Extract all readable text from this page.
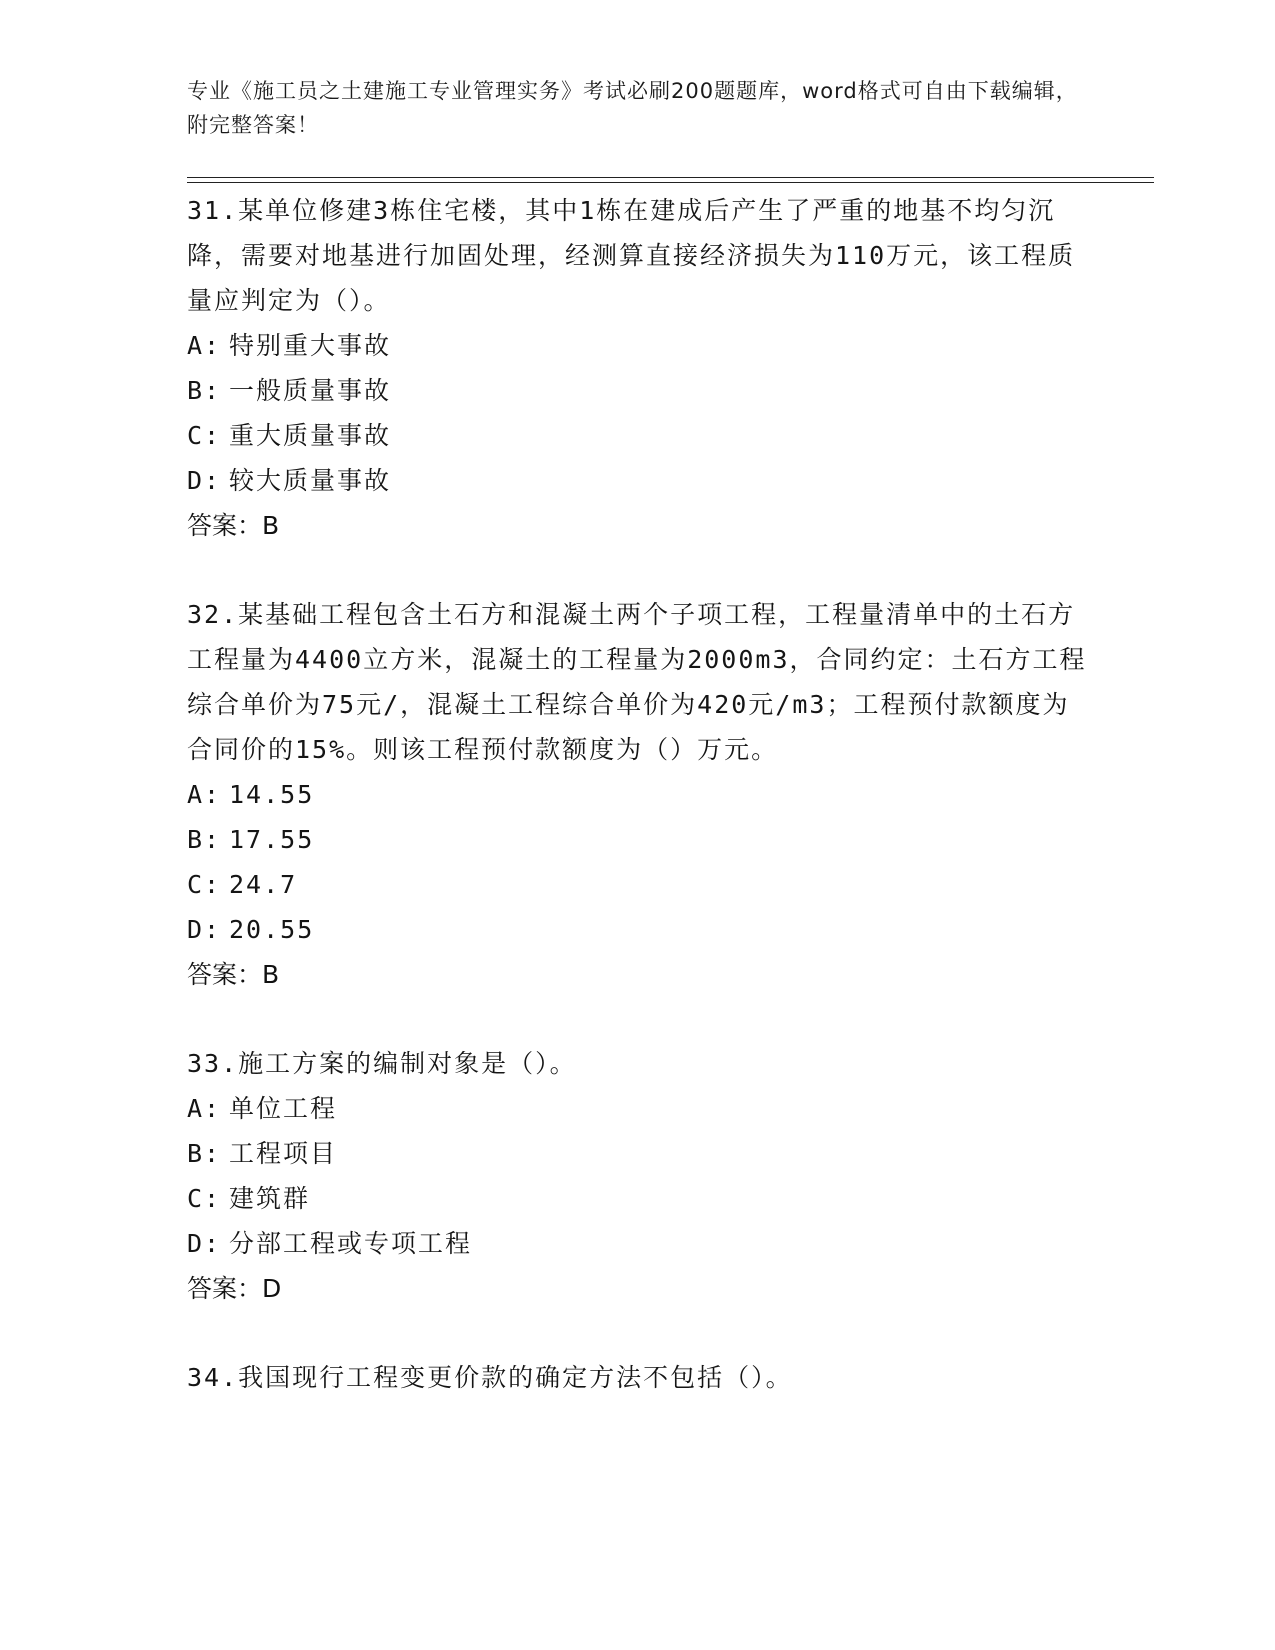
专业《施工员之土建施工专业管理实务》考试必刷200题题库，word格式可自由下载编辑，附完整答案！
31.某单位修建3栋住宅楼，其中1栋在建成后产生了严重的地基不均匀沉降，需要对地基进行加固处理，经测算直接经济损失为110万元，该工程质量应判定为（）。
A: 特别重大事故
B: 一般质量事故
C: 重大质量事故
D: 较大质量事故
答案：B
32.某基础工程包含土石方和混凝土两个子项工程，工程量清单中的土石方工程量为4400立方米，混凝土的工程量为2000m3，合同约定：土石方工程综合单价为75元/，混凝土工程综合单价为420元/m3；工程预付款额度为合同价的15%。则该工程预付款额度为（）万元。
A: 14.55
B: 17.55
C: 24.7
D: 20.55
答案：B
33.施工方案的编制对象是（）。
A: 单位工程
B: 工程项目
C: 建筑群
D: 分部工程或专项工程
答案：D
34.我国现行工程变更价款的确定方法不包括（）。
